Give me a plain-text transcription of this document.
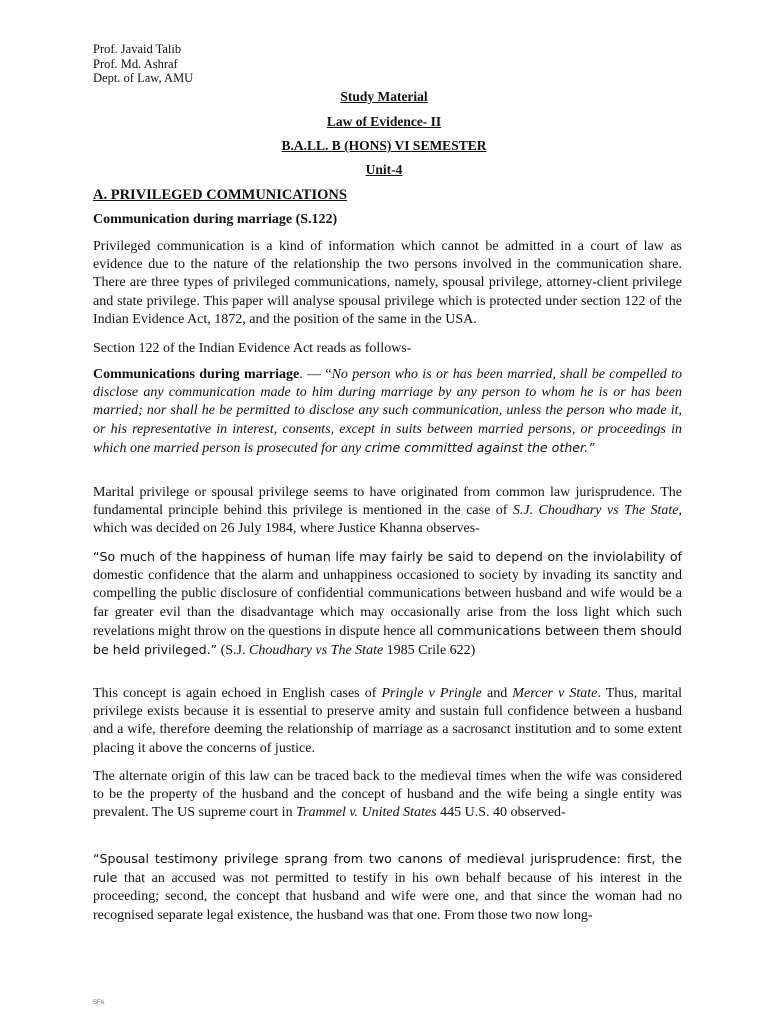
Prof. Javaid Talib
Prof. Md. Ashraf
Dept. of Law, AMU
Study Material
Law of Evidence- II
B.A.LL. B (HONS) VI SEMESTER
Unit-4
A. PRIVILEGED COMMUNICATIONS
Communication during marriage (S.122)

Privileged communication is a kind of information which cannot be admitted in a court of law as evidence due to the nature of the relationship the two persons involved in the communication share. There are three types of privileged communications, namely, spousal privilege, attorney-client privilege and state privilege. This paper will analyse spousal privilege which is protected under section 122 of the Indian Evidence Act, 1872, and the position of the same in the USA.

Section 122 of the Indian Evidence Act reads as follows-

Communications during marriage. — “No person who is or has been married, shall be compelled to disclose any communication made to him during marriage by any person to whom he is or has been married; nor shall he be permitted to disclose any such communication, unless the person who made it, or his representative in interest, consents, except in suits between married persons, or proceedings in which one married person is prosecuted for any crime committed against the other.”

Marital privilege or spousal privilege seems to have originated from common law jurisprudence. The fundamental principle behind this privilege is mentioned in the case of S.J. Choudhary vs The State, which was decided on 26 July 1984, where Justice Khanna observes-

“So much of the happiness of human life may fairly be said to depend on the inviolability of domestic confidence that the alarm and unhappiness occasioned to society by invading its sanctity and compelling the public disclosure of confidential communications between husband and wife would be a far greater evil than the disadvantage which may occasionally arise from the loss light which such revelations might throw on the questions in dispute hence all communications between them should be held privileged.” (S.J. Choudhary vs The State 1985 Crile 622)

This concept is again echoed in English cases of Pringle v Pringle and Mercer v State. Thus, marital privilege exists because it is essential to preserve amity and sustain full confidence between a husband and a wife, therefore deeming the relationship of marriage as a sacrosanct institution and to some extent placing it above the concerns of justice.

The alternate origin of this law can be traced back to the medieval times when the wife was considered to be the property of the husband and the concept of husband and the wife being a single entity was prevalent. The US supreme court in Trammel v. United States 445 U.S. 40 observed-

“Spousal testimony privilege sprang from two canons of medieval jurisprudence: first, the rule that an accused was not permitted to testify in his own behalf because of his interest in the proceeding; second, the concept that husband and wife were one, and that since the woman had no recognised separate legal existence, the husband was that one. From those two now long-

SFA
